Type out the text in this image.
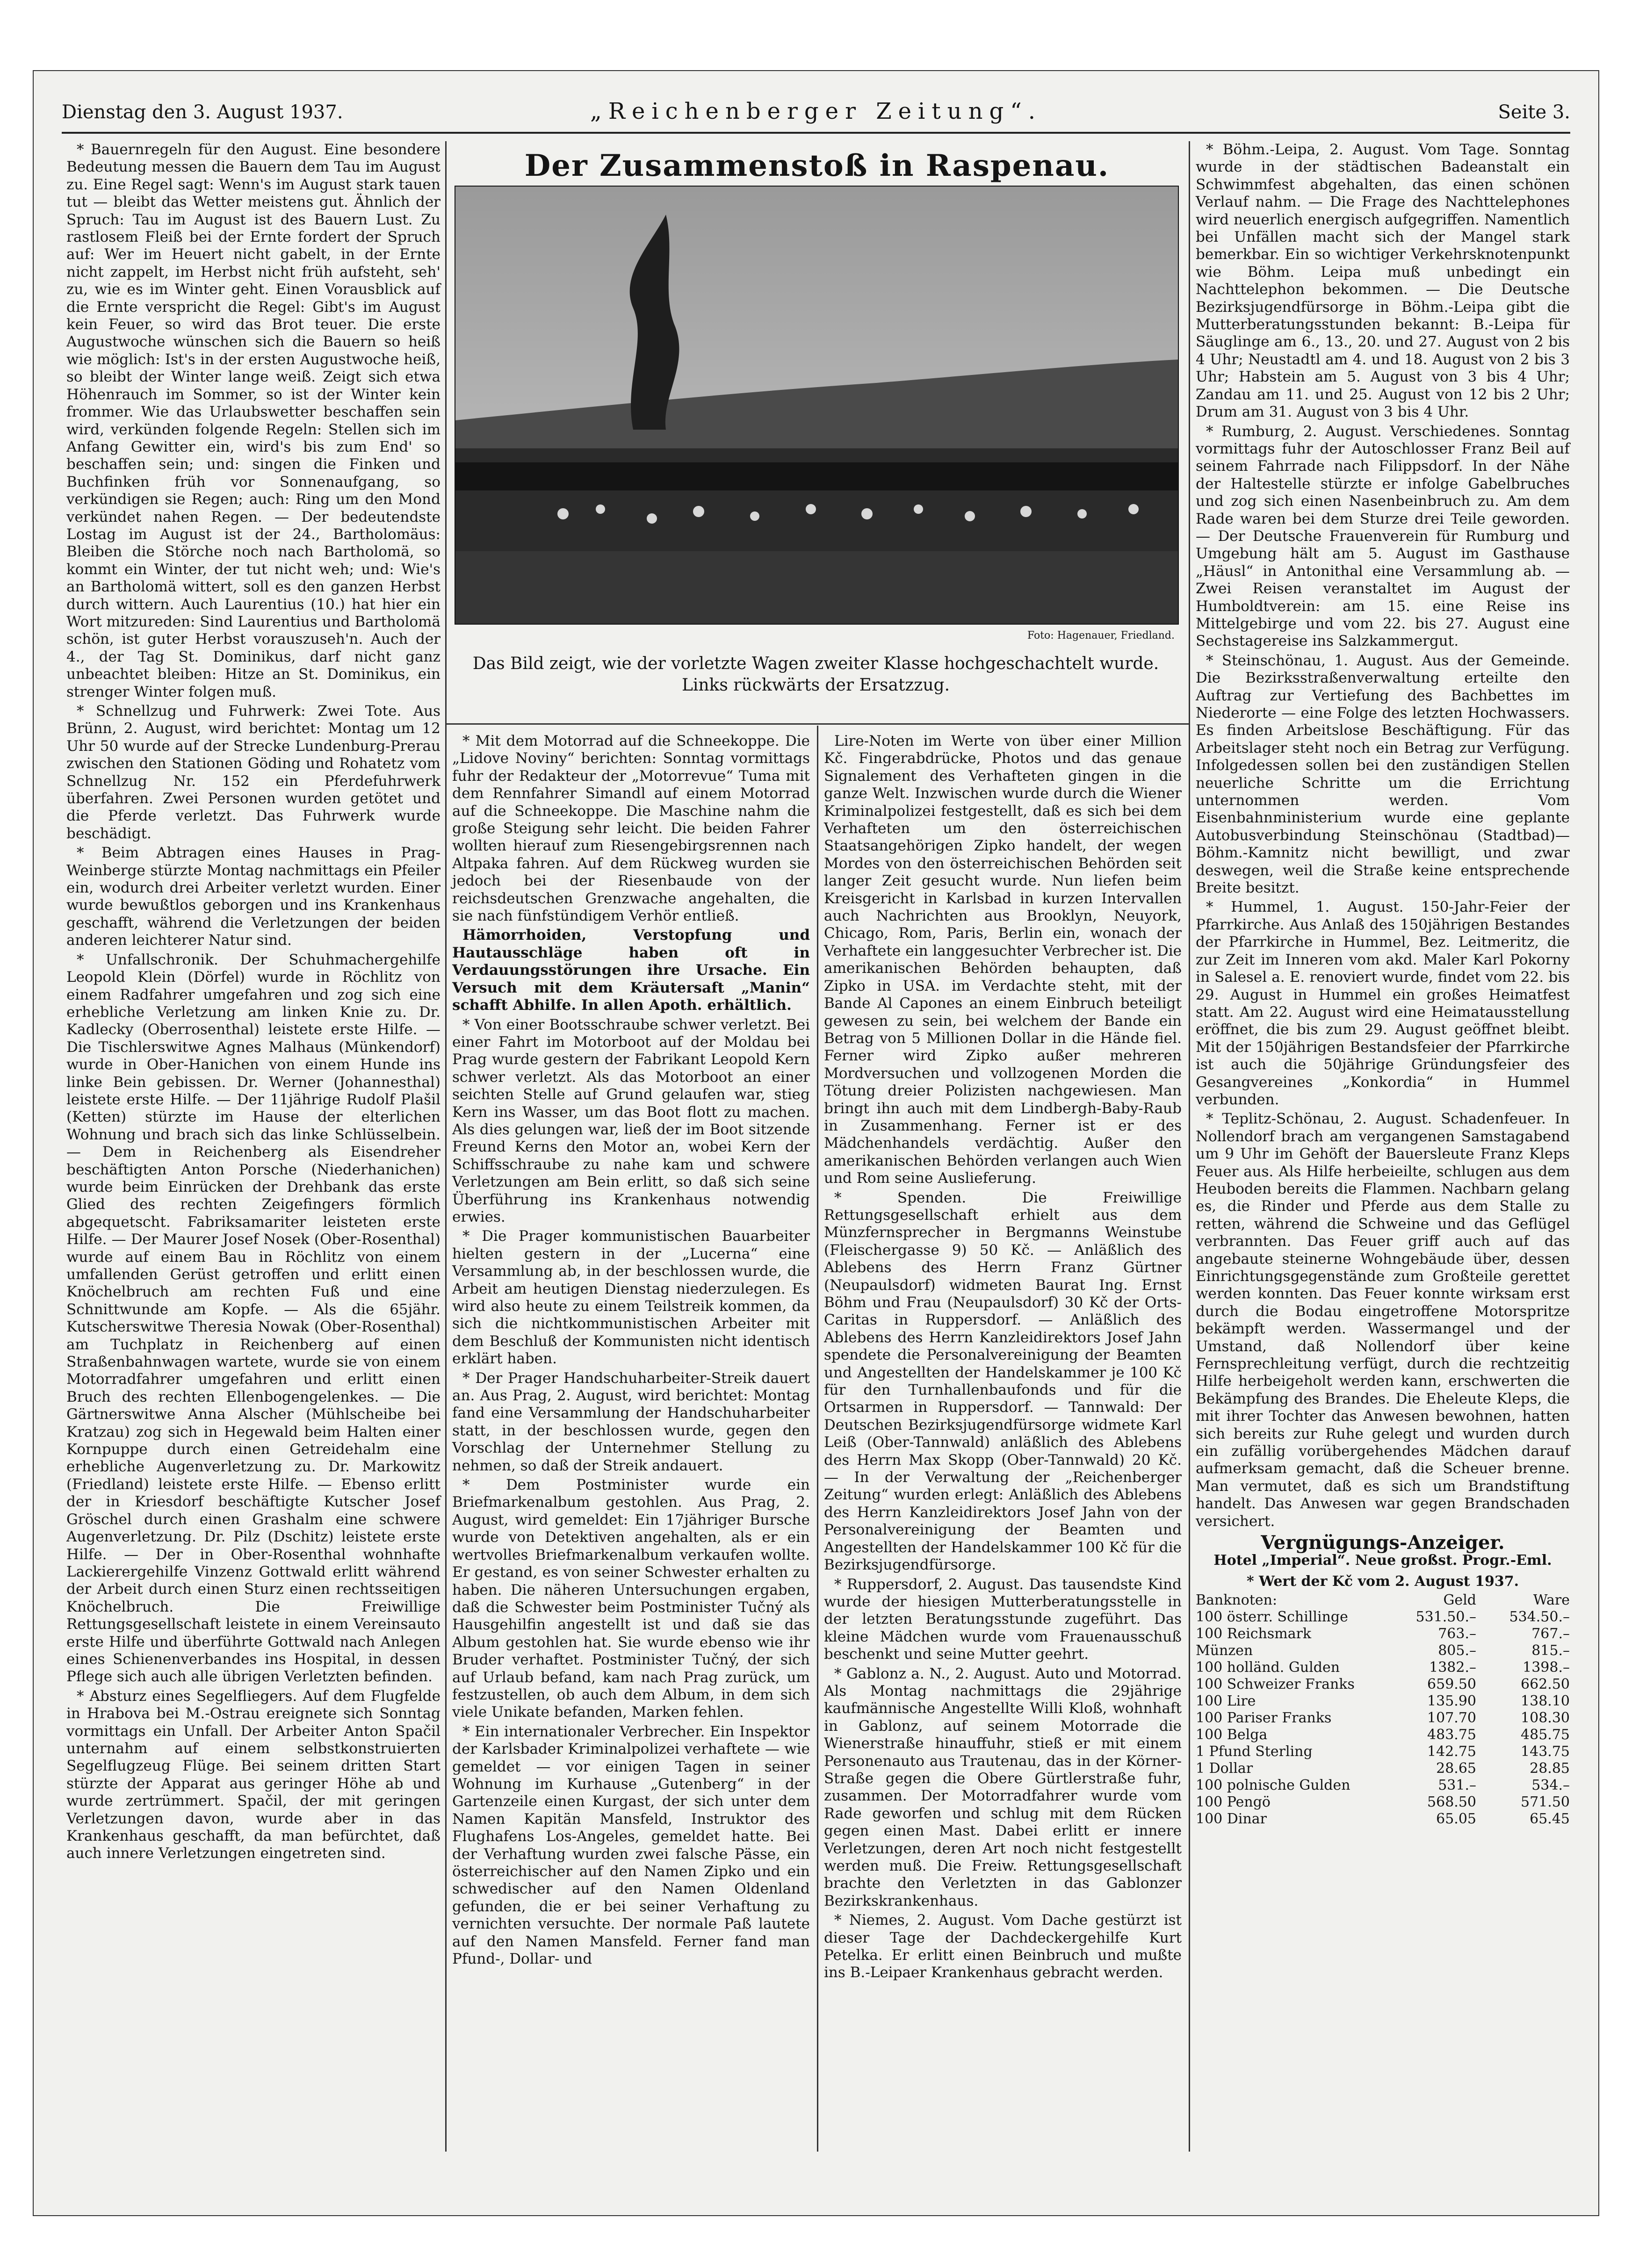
Dienstag den 3. August 1937.	„Reichenberger Zeitung“.	Seite 3.

* Bauernregeln für den August. Eine besondere Bedeutung messen die Bauern dem Tau im August zu. Eine Regel sagt: Wenn's im August stark tauen tut — bleibt das Wetter meistens gut. Ähnlich der Spruch: Tau im August ist des Bauern Lust. Zu rastlosem Fleiß bei der Ernte fordert der Spruch auf: Wer im Heuert nicht gabelt, in der Ernte nicht zappelt, im Herbst nicht früh aufsteht, seh' zu, wie es im Winter geht. Einen Vorausblick auf die Ernte verspricht die Regel: Gibt's im August kein Feuer, so wird das Brot teuer. Die erste Augustwoche wünschen sich die Bauern so heiß wie möglich: Ist's in der ersten Augustwoche heiß, so bleibt der Winter lange weiß. Zeigt sich etwa Höhenrauch im Sommer, so ist der Winter kein frommer. Wie das Urlaubswetter beschaffen sein wird, verkünden folgende Regeln: Stellen sich im Anfang Gewitter ein, wird's bis zum End' so beschaffen sein; und: singen die Finken und Buchfinken früh vor Sonnenaufgang, so verkündigen sie Regen; auch: Ring um den Mond verkündet nahen Regen. — Der bedeutendste Lostag im August ist der 24., Bartholomäus: Bleiben die Störche noch nach Bartholomä, so kommt ein Winter, der tut nicht weh; und: Wie's an Bartholomä wittert, soll es den ganzen Herbst durch wittern. Auch Laurentius (10.) hat hier ein Wort mitzureden: Sind Laurentius und Bartholomä schön, ist guter Herbst vorauszuseh'n. Auch der 4., der Tag St. Dominikus, darf nicht ganz unbeachtet bleiben: Hitze an St. Dominikus, ein strenger Winter folgen muß.

* Schnellzug und Fuhrwerk: Zwei Tote. Aus Brünn, 2. August, wird berichtet: Montag um 12 Uhr 50 wurde auf der Strecke Lundenburg-Prerau zwischen den Stationen Göding und Rohatetz vom Schnellzug Nr. 152 ein Pferdefuhrwerk überfahren. Zwei Personen wurden getötet und die Pferde verletzt. Das Fuhrwerk wurde beschädigt.

* Beim Abtragen eines Hauses in Prag-Weinberge stürzte Montag nachmittags ein Pfeiler ein, wodurch drei Arbeiter verletzt wurden. Einer wurde bewußtlos geborgen und ins Krankenhaus geschafft, während die Verletzungen der beiden anderen leichterer Natur sind.

* Unfallschronik. Der Schuhmachergehilfe Leopold Klein (Dörfel) wurde in Röchlitz von einem Radfahrer umgefahren und zog sich eine erhebliche Verletzung am linken Knie zu. Dr. Kadlecky (Oberrosenthal) leistete erste Hilfe. — Die Tischlerswitwe Agnes Malhaus (Münkendorf) wurde in Ober-Hanichen von einem Hunde ins linke Bein gebissen. Dr. Werner (Johannesthal) leistete erste Hilfe. — Der 11jährige Rudolf Plašil (Ketten) stürzte im Hause der elterlichen Wohnung und brach sich das linke Schlüsselbein. — Dem in Reichenberg als Eisendreher beschäftigten Anton Porsche (Niederhanichen) wurde beim Einrücken der Drehbank das erste Glied des rechten Zeigefingers förmlich abgequetscht. Fabriksamariter leisteten erste Hilfe. — Der Maurer Josef Nosek (Ober-Rosenthal) wurde auf einem Bau in Röchlitz von einem umfallenden Gerüst getroffen und erlitt einen Knöchelbruch am rechten Fuß und eine Schnittwunde am Kopfe. — Als die 65jähr. Kutscherswitwe Theresia Nowak (Ober-Rosenthal) am Tuchplatz in Reichenberg auf einen Straßenbahnwagen wartete, wurde sie von einem Motorradfahrer umgefahren und erlitt einen Bruch des rechten Ellenbogengelenkes. — Die Gärtnerswitwe Anna Alscher (Mühlscheibe bei Kratzau) zog sich in Hegewald beim Halten einer Kornpuppe durch einen Getreidehalm eine erhebliche Augenverletzung zu. Dr. Markowitz (Friedland) leistete erste Hilfe. — Ebenso erlitt der in Kriesdorf beschäftigte Kutscher Josef Gröschel durch einen Grashalm eine schwere Augenverletzung. Dr. Pilz (Dschitz) leistete erste Hilfe. — Der in Ober-Rosenthal wohnhafte Lackierergehilfe Vinzenz Gottwald erlitt während der Arbeit durch einen Sturz einen rechtsseitigen Knöchelbruch. Die Freiwillige Rettungsgesellschaft leistete in einem Vereinsauto erste Hilfe und überführte Gottwald nach Anlegen eines Schienenverbandes ins Hospital, in dessen Pflege sich auch alle übrigen Verletzten befinden.

* Absturz eines Segelfliegers. Auf dem Flugfelde in Hrabova bei M.-Ostrau ereignete sich Sonntag vormittags ein Unfall. Der Arbeiter Anton Spačil unternahm auf einem selbstkonstruierten Segelflugzeug Flüge. Bei seinem dritten Start stürzte der Apparat aus geringer Höhe ab und wurde zertrümmert. Spačil, der mit geringen Verletzungen davon, wurde aber in das Krankenhaus geschafft, da man befürchtet, daß auch innere Verletzungen eingetreten sind.

Der Zusammenstoß in Raspenau.
Foto: Hagenauer, Friedland.
Das Bild zeigt, wie der vorletzte Wagen zweiter Klasse hochgeschachtelt wurde. Links rückwärts der Ersatzzug.

* Mit dem Motorrad auf die Schneekoppe. Die „Lidove Noviny“ berichten: Sonntag vormittags fuhr der Redakteur der „Motorrevue“ Tuma mit dem Rennfahrer Simandl auf einem Motorrad auf die Schneekoppe. Die Maschine nahm die große Steigung sehr leicht. Die beiden Fahrer wollten hierauf zum Riesengebirgsrennen nach Altpaka fahren. Auf dem Rückweg wurden sie jedoch bei der Riesenbaude von der reichsdeutschen Grenzwache angehalten, die sie nach fünfstündigem Verhör entließ.

Hämorrhoiden, Verstopfung und Hautausschläge haben oft in Verdauungsstörungen ihre Ursache. Ein Versuch mit dem Kräutersaft „Manin“ schafft Abhilfe. In allen Apoth. erhältlich.

* Von einer Bootsschraube schwer verletzt. Bei einer Fahrt im Motorboot auf der Moldau bei Prag wurde gestern der Fabrikant Leopold Kern schwer verletzt. Als das Motorboot an einer seichten Stelle auf Grund gelaufen war, stieg Kern ins Wasser, um das Boot flott zu machen. Als dies gelungen war, ließ der im Boot sitzende Freund Kerns den Motor an, wobei Kern der Schiffsschraube zu nahe kam und schwere Verletzungen am Bein erlitt, so daß sich seine Überführung ins Krankenhaus notwendig erwies.

* Die Prager kommunistischen Bauarbeiter hielten gestern in der „Lucerna“ eine Versammlung ab, in der beschlossen wurde, die Arbeit am heutigen Dienstag niederzulegen. Es wird also heute zu einem Teilstreik kommen, da sich die nichtkommunistischen Arbeiter mit dem Beschluß der Kommunisten nicht identisch erklärt haben.

* Der Prager Handschuharbeiter-Streik dauert an. Aus Prag, 2. August, wird berichtet: Montag fand eine Versammlung der Handschuharbeiter statt, in der beschlossen wurde, gegen den Vorschlag der Unternehmer Stellung zu nehmen, so daß der Streik andauert.

* Dem Postminister wurde ein Briefmarkenalbum gestohlen. Aus Prag, 2. August, wird gemeldet: Ein 17jähriger Bursche wurde von Detektiven angehalten, als er ein wertvolles Briefmarkenalbum verkaufen wollte. Er gestand, es von seiner Schwester erhalten zu haben. Die näheren Untersuchungen ergaben, daß die Schwester beim Postminister Tučný als Hausgehilfin angestellt ist und daß sie das Album gestohlen hat. Sie wurde ebenso wie ihr Bruder verhaftet. Postminister Tučný, der sich auf Urlaub befand, kam nach Prag zurück, um festzustellen, ob auch dem Album, in dem sich viele Unikate befanden, Marken fehlen.

* Ein internationaler Verbrecher. Ein Inspektor der Karlsbader Kriminalpolizei verhaftete — wie gemeldet — vor einigen Tagen in seiner Wohnung im Kurhause „Gutenberg“ in der Gartenzeile einen Kurgast, der sich unter dem Namen Kapitän Mansfeld, Instruktor des Flughafens Los-Angeles, gemeldet hatte. Bei der Verhaftung wurden zwei falsche Pässe, ein österreichischer auf den Namen Zipko und ein schwedischer auf den Namen Oldenland gefunden, die er bei seiner Verhaftung zu vernichten versuchte. Der normale Paß lautete auf den Namen Mansfeld. Ferner fand man Pfund-, Dollar- und

Lire-Noten im Werte von über einer Million Kč. Fingerabdrücke, Photos und das genaue Signalement des Verhafteten gingen in die ganze Welt. Inzwischen wurde durch die Wiener Kriminalpolizei festgestellt, daß es sich bei dem Verhafteten um den österreichischen Staatsangehörigen Zipko handelt, der wegen Mordes von den österreichischen Behörden seit langer Zeit gesucht wurde. Nun liefen beim Kreisgericht in Karlsbad in kurzen Intervallen auch Nachrichten aus Brooklyn, Neuyork, Chicago, Rom, Paris, Berlin ein, wonach der Verhaftete ein langgesuchter Verbrecher ist. Die amerikanischen Behörden behaupten, daß Zipko in USA. im Verdachte steht, mit der Bande Al Capones an einem Einbruch beteiligt gewesen zu sein, bei welchem der Bande ein Betrag von 5 Millionen Dollar in die Hände fiel. Ferner wird Zipko außer mehreren Mordversuchen und vollzogenen Morden die Tötung dreier Polizisten nachgewiesen. Man bringt ihn auch mit dem Lindbergh-Baby-Raub in Zusammenhang. Ferner ist er des Mädchenhandels verdächtig. Außer den amerikanischen Behörden verlangen auch Wien und Rom seine Auslieferung.

* Spenden. Die Freiwillige Rettungsgesellschaft erhielt aus dem Münzfernsprecher in Bergmanns Weinstube (Fleischergasse 9) 50 Kč. — Anläßlich des Ablebens des Herrn Franz Gürtner (Neupaulsdorf) widmeten Baurat Ing. Ernst Böhm und Frau (Neupaulsdorf) 30 Kč der Orts-Caritas in Ruppersdorf. — Anläßlich des Ablebens des Herrn Kanzleidirektors Josef Jahn spendete die Personalvereinigung der Beamten und Angestellten der Handelskammer je 100 Kč für den Turnhallenbaufonds und für die Ortsarmen in Ruppersdorf. — Tannwald: Der Deutschen Bezirksjugendfürsorge widmete Karl Leiß (Ober-Tannwald) anläßlich des Ablebens des Herrn Max Skopp (Ober-Tannwald) 20 Kč. — In der Verwaltung der „Reichenberger Zeitung“ wurden erlegt: Anläßlich des Ablebens des Herrn Kanzleidirektors Josef Jahn von der Personalvereinigung der Beamten und Angestellten der Handelskammer 100 Kč für die Bezirksjugendfürsorge.

* Ruppersdorf, 2. August. Das tausendste Kind wurde der hiesigen Mutterberatungsstelle in der letzten Beratungsstunde zugeführt. Das kleine Mädchen wurde vom Frauenausschuß beschenkt und seine Mutter geehrt.

* Gablonz a. N., 2. August. Auto und Motorrad. Als Montag nachmittags die 29jährige kaufmännische Angestellte Willi Kloß, wohnhaft in Gablonz, auf seinem Motorrade die Wienerstraße hinauffuhr, stieß er mit einem Personenauto aus Trautenau, das in der Körner-Straße gegen die Obere Gürtlerstraße fuhr, zusammen. Der Motorradfahrer wurde vom Rade geworfen und schlug mit dem Rücken gegen einen Mast. Dabei erlitt er innere Verletzungen, deren Art noch nicht festgestellt werden muß. Die Freiw. Rettungsgesellschaft brachte den Verletzten in das Gablonzer Bezirkskrankenhaus.

* Niemes, 2. August. Vom Dache gestürzt ist dieser Tage der Dachdeckergehilfe Kurt Petelka. Er erlitt einen Beinbruch und mußte ins B.-Leipaer Krankenhaus gebracht werden.

* Böhm.-Leipa, 2. August. Vom Tage. Sonntag wurde in der städtischen Badeanstalt ein Schwimmfest abgehalten, das einen schönen Verlauf nahm. — Die Frage des Nachttelephones wird neuerlich energisch aufgegriffen. Namentlich bei Unfällen macht sich der Mangel stark bemerkbar. Ein so wichtiger Verkehrsknotenpunkt wie Böhm. Leipa muß unbedingt ein Nachttelephon bekommen. — Die Deutsche Bezirksjugendfürsorge in Böhm.-Leipa gibt die Mutterberatungsstunden bekannt: B.-Leipa für Säuglinge am 6., 13., 20. und 27. August von 2 bis 4 Uhr; Neustadtl am 4. und 18. August von 2 bis 3 Uhr; Habstein am 5. August von 3 bis 4 Uhr; Zandau am 11. und 25. August von 12 bis 2 Uhr; Drum am 31. August von 3 bis 4 Uhr.

* Rumburg, 2. August. Verschiedenes. Sonntag vormittags fuhr der Autoschlosser Franz Beil auf seinem Fahrrade nach Filippsdorf. In der Nähe der Haltestelle stürzte er infolge Gabelbruches und zog sich einen Nasenbeinbruch zu. Am dem Rade waren bei dem Sturze drei Teile geworden. — Der Deutsche Frauenverein für Rumburg und Umgebung hält am 5. August im Gasthause „Häusl“ in Antonithal eine Versammlung ab. — Zwei Reisen veranstaltet im August der Humboldtverein: am 15. eine Reise ins Mittelgebirge und vom 22. bis 27. August eine Sechstagereise ins Salzkammergut.

* Steinschönau, 1. August. Aus der Gemeinde. Die Bezirksstraßenverwaltung erteilte den Auftrag zur Vertiefung des Bachbettes im Niederorte — eine Folge des letzten Hochwassers. Es finden Arbeitslose Beschäftigung. Für das Arbeitslager steht noch ein Betrag zur Verfügung. Infolgedessen sollen bei den zuständigen Stellen neuerliche Schritte um die Errichtung unternommen werden. Vom Eisenbahnministerium wurde eine geplante Autobusverbindung Steinschönau (Stadtbad)—Böhm.-Kamnitz nicht bewilligt, und zwar deswegen, weil die Straße keine entsprechende Breite besitzt.

* Hummel, 1. August. 150-Jahr-Feier der Pfarrkirche. Aus Anlaß des 150jährigen Bestandes der Pfarrkirche in Hummel, Bez. Leitmeritz, die zur Zeit im Inneren vom akd. Maler Karl Pokorny in Salesel a. E. renoviert wurde, findet vom 22. bis 29. August in Hummel ein großes Heimatfest statt. Am 22. August wird eine Heimatausstellung eröffnet, die bis zum 29. August geöffnet bleibt. Mit der 150jährigen Bestandsfeier der Pfarrkirche ist auch die 50jährige Gründungsfeier des Gesangvereines „Konkordia“ in Hummel verbunden.

* Teplitz-Schönau, 2. August. Schadenfeuer. In Nollendorf brach am vergangenen Samstagabend um 9 Uhr im Gehöft der Bauersleute Franz Kleps Feuer aus. Als Hilfe herbeieilte, schlugen aus dem Heuboden bereits die Flammen. Nachbarn gelang es, die Rinder und Pferde aus dem Stalle zu retten, während die Schweine und das Geflügel verbrannten. Das Feuer griff auch auf das angebaute steinerne Wohngebäude über, dessen Einrichtungsgegenstände zum Großteile gerettet werden konnten. Das Feuer konnte wirksam erst durch die Bodau eingetroffene Motorspritze bekämpft werden. Wassermangel und der Umstand, daß Nollendorf über keine Fernsprechleitung verfügt, durch die rechtzeitig Hilfe herbeigeholt werden kann, erschwerten die Bekämpfung des Brandes. Die Eheleute Kleps, die mit ihrer Tochter das Anwesen bewohnen, hatten sich bereits zur Ruhe gelegt und wurden durch ein zufällig vorübergehendes Mädchen darauf aufmerksam gemacht, daß die Scheuer brenne. Man vermutet, daß es sich um Brandstiftung handelt. Das Anwesen war gegen Brandschaden versichert.

Vergnügungs-Anzeiger.
Hotel „Imperial“. Neue großst. Progr.-Eml.
* Wert der Kč vom 2. August 1937.
Banknoten:	Geld	Ware
100 österr. Schillinge	531.50.–	534.50.–
100 Reichsmark	763.–	767.–
Münzen	805.–	815.–
100 holländ. Gulden	1382.–	1398.–
100 Schweizer Franks	659.50	662.50
100 Lire	135.90	138.10
100 Pariser Franks	107.70	108.30
100 Belga	483.75	485.75
1 Pfund Sterling	142.75	143.75
1 Dollar	28.65	28.85
100 polnische Gulden	531.–	534.–
100 Pengö	568.50	571.50
100 Dinar	65.05	65.45
